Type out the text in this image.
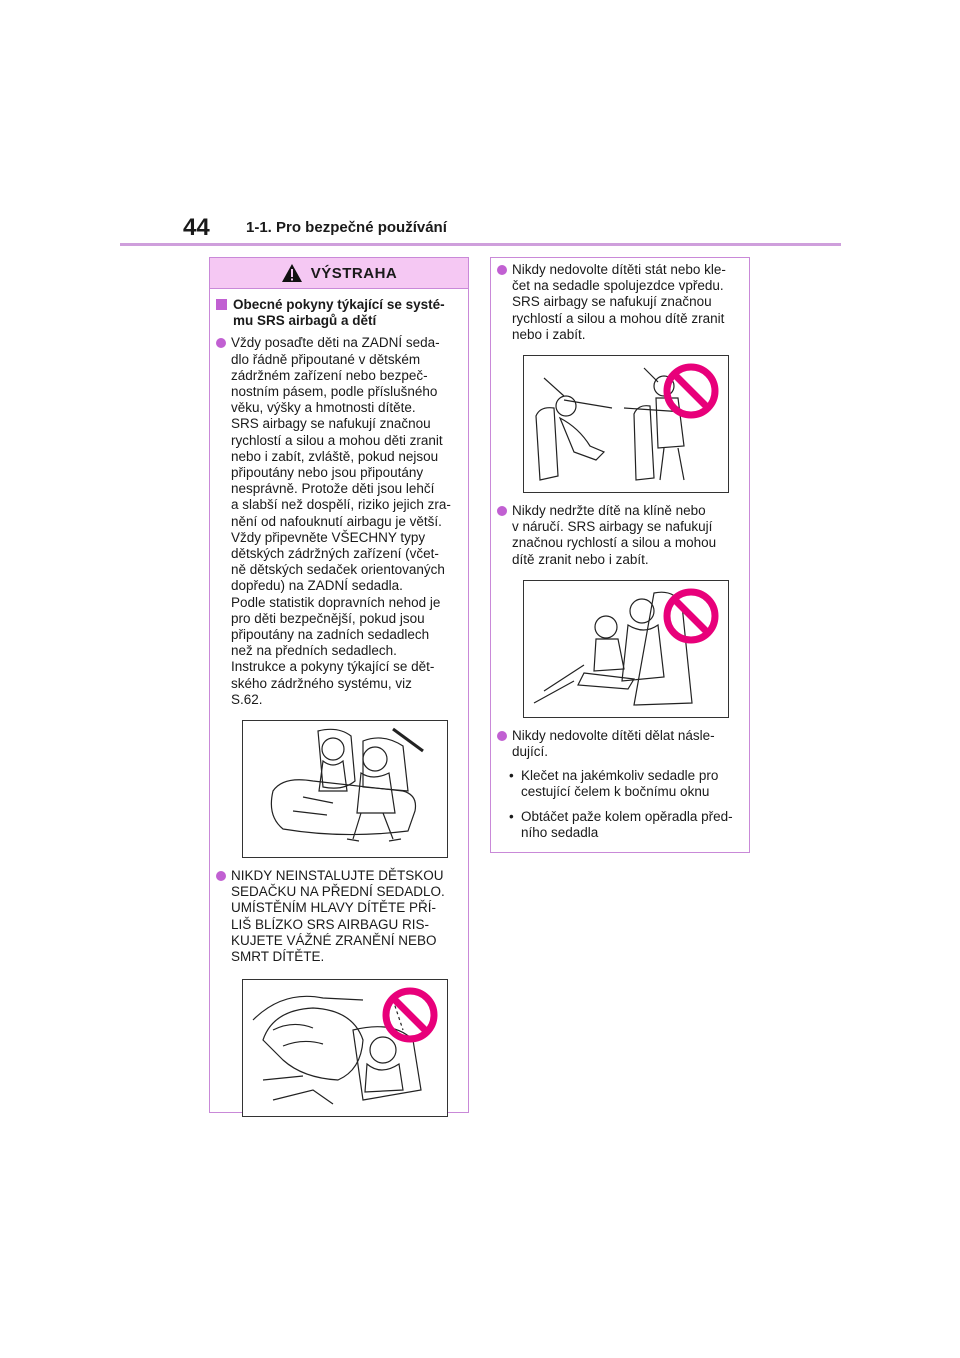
44 1-1. Pro bezpečné používání
VÝSTRAHA
Obecné pokyny týkající se systé-
mu SRS airbagů a dětí
Vždy posaďte děti na ZADNÍ seda-
dlo řádně připoutané v dětském
zádržném zařízení nebo bezpeč-
nostním pásem, podle příslušného
věku, výšky a hmotnosti dítěte.
SRS airbagy se nafukují značnou
rychlostí a silou a mohou děti zranit
nebo i zabít, zvláště, pokud nejsou
připoutány nebo jsou připoutány
nesprávně. Protože děti jsou lehčí
a slabší než dospělí, riziko jejich zra-
nění od nafouknutí airbagu je větší.
Vždy připevněte VŠECHNY typy
dětských zádržných zařízení (včet-
ně dětských sedaček orientovaných
dopředu) na ZADNÍ sedadla.
Podle statistik dopravních nehod je
pro děti bezpečnější, pokud jsou
připoutány na zadních sedadlech
než na předních sedadlech.
Instrukce a pokyny týkající se dět-
ského zádržného systému, viz
S.62.
NIKDY NEINSTALUJTE DĚTSKOU
SEDAČKU NA PŘEDNÍ SEDADLO.
UMÍSTĚNÍM HLAVY DÍTĚTE PŘÍ-
LIŠ BLÍZKO SRS AIRBAGU RIS-
KUJETE VÁŽNÉ ZRANĚNÍ NEBO
SMRT DÍTĚTE.
Nikdy nedovolte dítěti stát nebo kle-
čet na sedadle spolujezdce vpředu.
SRS airbagy se nafukují značnou
rychlostí a silou a mohou dítě zranit
nebo i zabít.
Nikdy nedržte dítě na klíně nebo
v náručí. SRS airbagy se nafukují
značnou rychlostí a silou a mohou
dítě zranit nebo i zabít.
Nikdy nedovolte dítěti dělat násle-
dující.
• Klečet na jakémkoliv sedadle pro
cestující čelem k bočnímu oknu
• Obtáčet paže kolem opěradla před-
ního sedadla
